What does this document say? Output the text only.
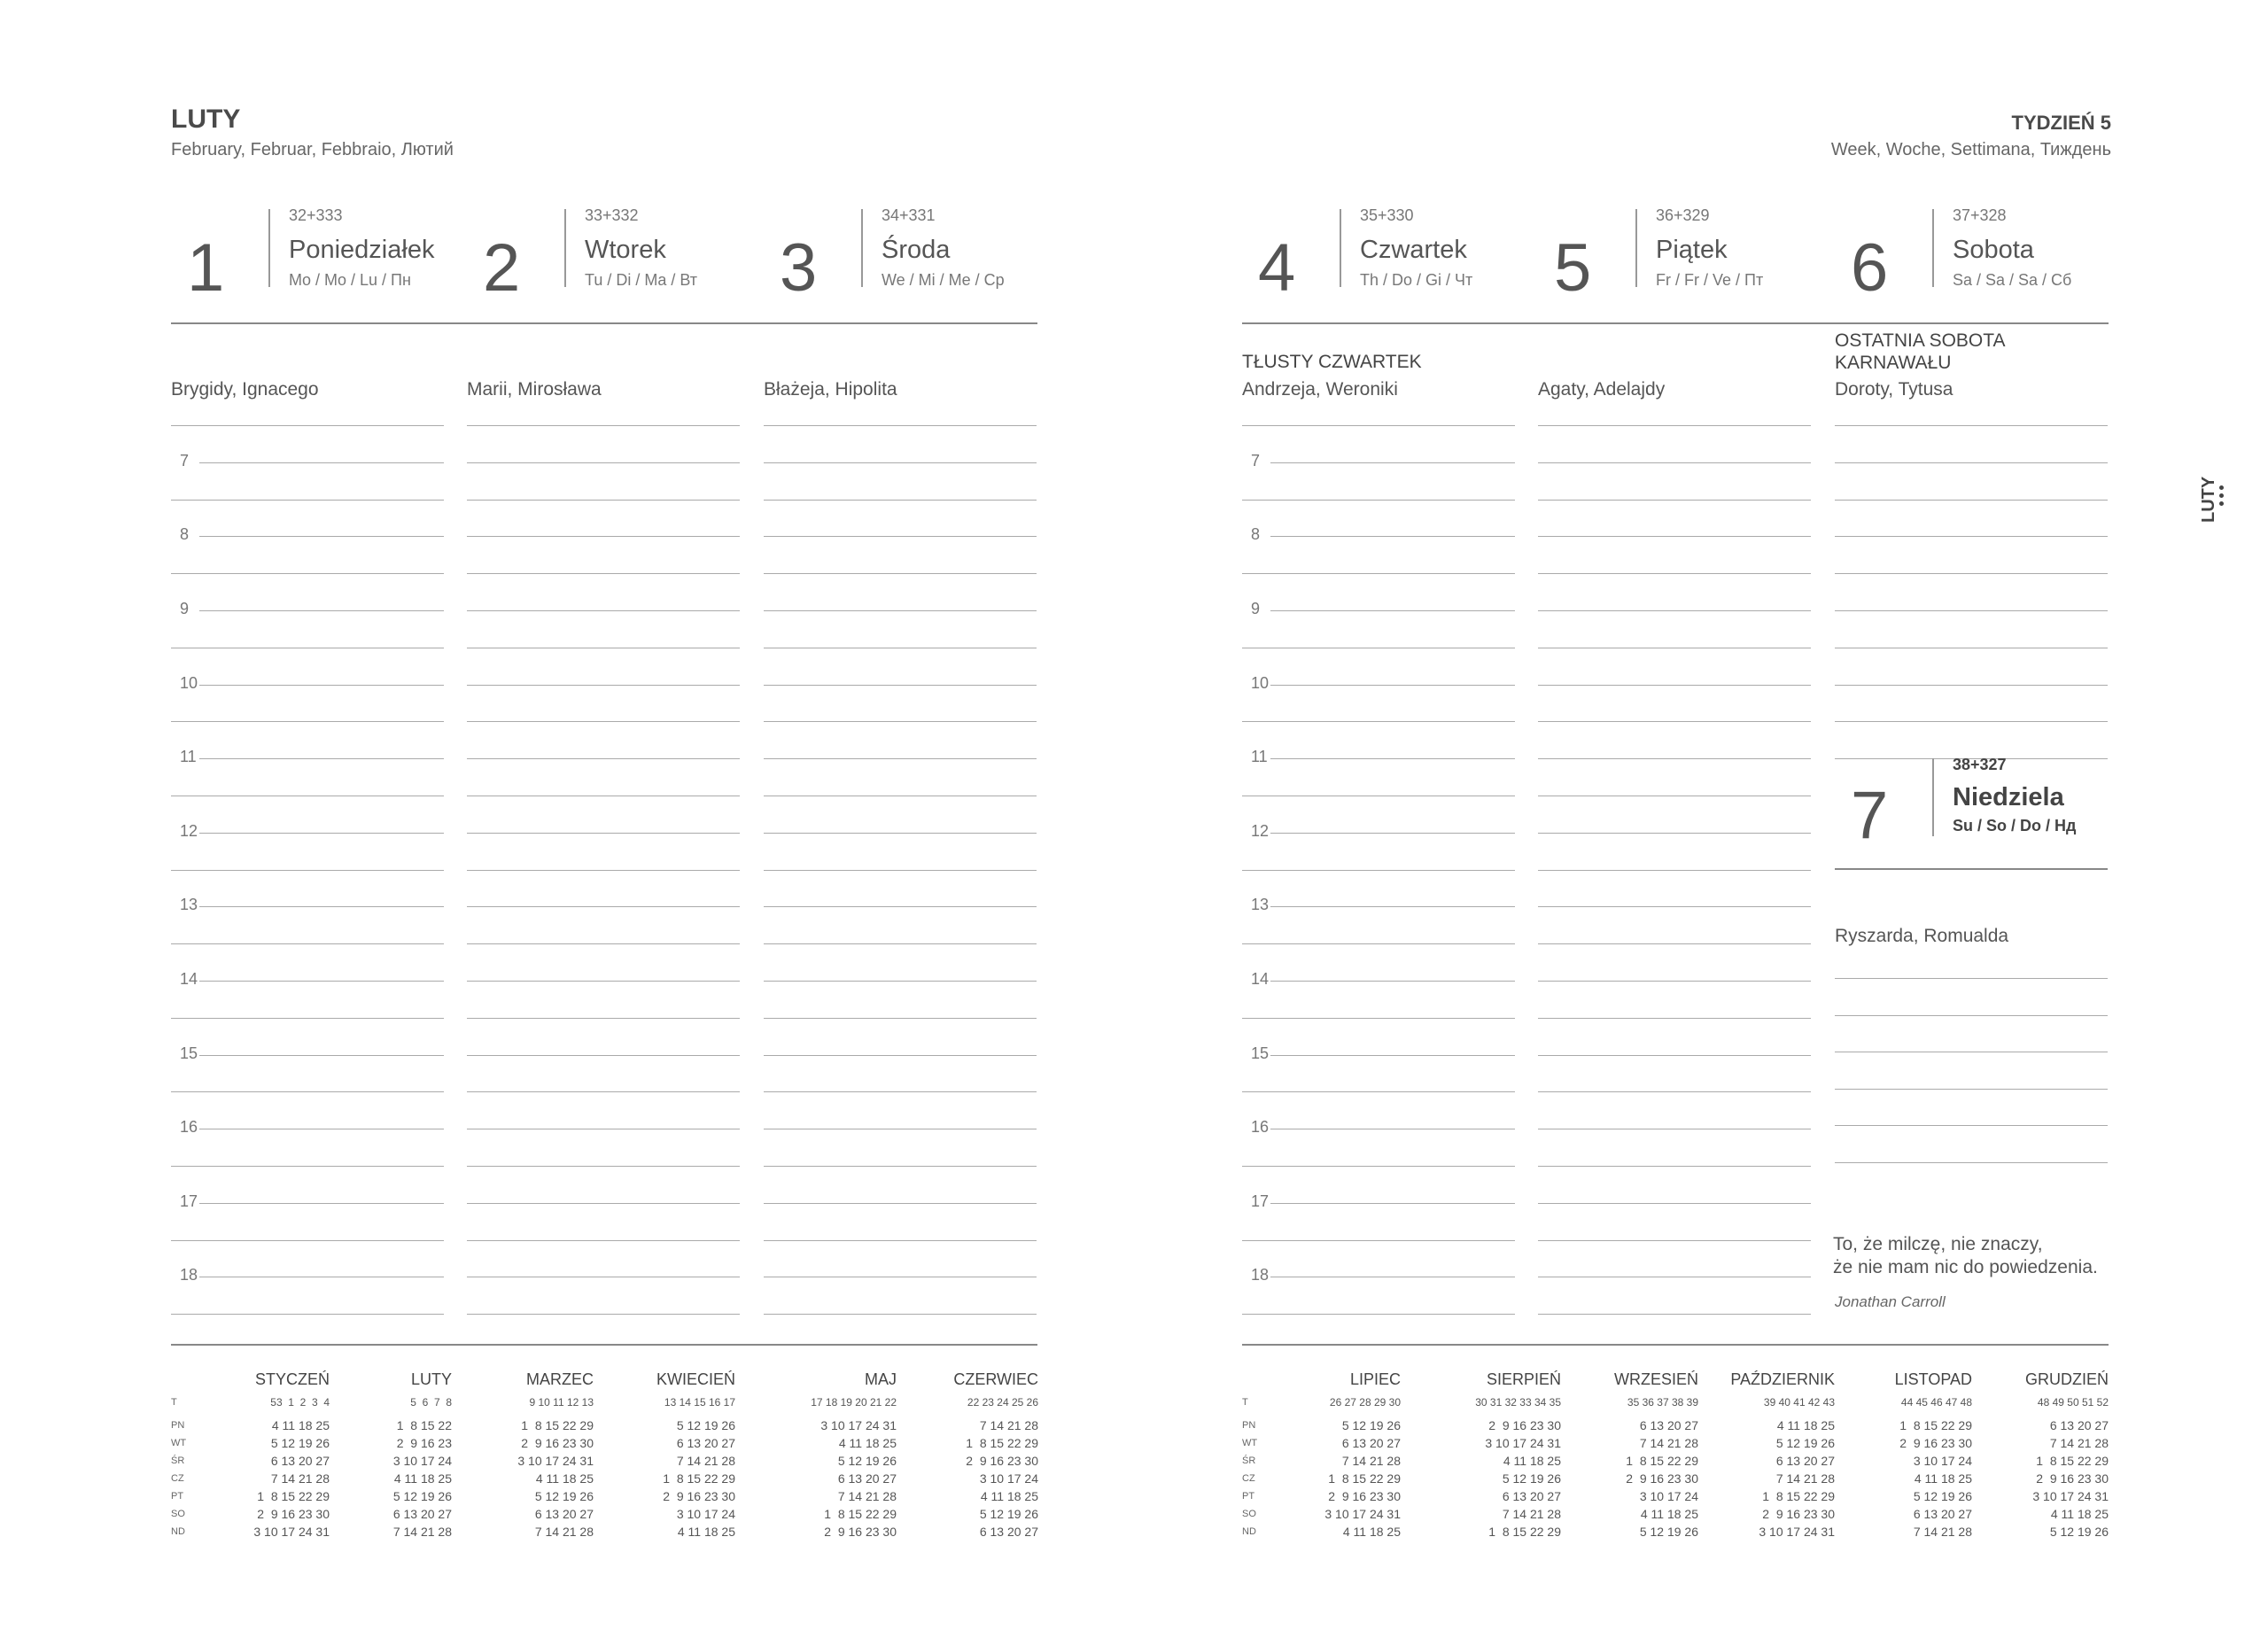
LUTY
February, Februar, Febbraio, Лютий
TYDZIEŃ 5
Week, Woche, Settimana, Тиждень
LUTY
1
32+333
Poniedziałek
Mo / Mo / Lu / Пн
Brygidy, Ignacego
7
8
9
10
11
12
13
14
15
16
17
18
2
33+332
Wtorek
Tu / Di / Ma / Вт
Marii, Mirosława
3
34+331
Środa
We / Mi / Me / Ср
Błażeja, Hipolita
4
35+330
Czwartek
Th / Do / Gi / Чт
TŁUSTY CZWARTEK
Andrzeja, Weroniki
7
8
9
10
11
12
13
14
15
16
17
18
5
36+329
Piątek
Fr / Fr / Ve / Пт
Agaty, Adelajdy
6
37+328
Sobota
Sa / Sa / Sa / Сб
OSTATNIA SOBOTA KARNAWAŁU
Doroty, Tytusa
7
38+327
Niedziela
Su / So / Do / Нд
Ryszarda, Romualda
To, że milczę, nie znaczy,
że nie mam nic do powiedzenia.
Jonathan Carroll
T
PN
WT
ŚR
CZ
PT
SO
ND
STYCZEŃ
53  1  2  3  4
4 11 18 25
5 12 19 26
6 13 20 27
7 14 21 28
1  8 15 22 29
2  9 16 23 30
3 10 17 24 31
LUTY
5  6  7  8
1  8 15 22
2  9 16 23
3 10 17 24
4 11 18 25
5 12 19 26
6 13 20 27
7 14 21 28
MARZEC
9 10 11 12 13
1  8 15 22 29
2  9 16 23 30
3 10 17 24 31
4 11 18 25
5 12 19 26
6 13 20 27
7 14 21 28
KWIECIEŃ
13 14 15 16 17
5 12 19 26
6 13 20 27
7 14 21 28
1  8 15 22 29
2  9 16 23 30
3 10 17 24
4 11 18 25
MAJ
17 18 19 20 21 22
3 10 17 24 31
4 11 18 25
5 12 19 26
6 13 20 27
7 14 21 28
1  8 15 22 29
2  9 16 23 30
CZERWIEC
22 23 24 25 26
7 14 21 28
1  8 15 22 29
2  9 16 23 30
3 10 17 24
4 11 18 25
5 12 19 26
6 13 20 27
T
PN
WT
ŚR
CZ
PT
SO
ND
LIPIEC
26 27 28 29 30
5 12 19 26
6 13 20 27
7 14 21 28
1  8 15 22 29
2  9 16 23 30
3 10 17 24 31
4 11 18 25
SIERPIEŃ
30 31 32 33 34 35
2  9 16 23 30
3 10 17 24 31
4 11 18 25
5 12 19 26
6 13 20 27
7 14 21 28
1  8 15 22 29
WRZESIEŃ
35 36 37 38 39
6 13 20 27
7 14 21 28
1  8 15 22 29
2  9 16 23 30
3 10 17 24
4 11 18 25
5 12 19 26
PAŹDZIERNIK
39 40 41 42 43
4 11 18 25
5 12 19 26
6 13 20 27
7 14 21 28
1  8 15 22 29
2  9 16 23 30
3 10 17 24 31
LISTOPAD
44 45 46 47 48
1  8 15 22 29
2  9 16 23 30
3 10 17 24
4 11 18 25
5 12 19 26
6 13 20 27
7 14 21 28
GRUDZIEŃ
48 49 50 51 52
6 13 20 27
7 14 21 28
1  8 15 22 29
2  9 16 23 30
3 10 17 24 31
4 11 18 25
5 12 19 26
